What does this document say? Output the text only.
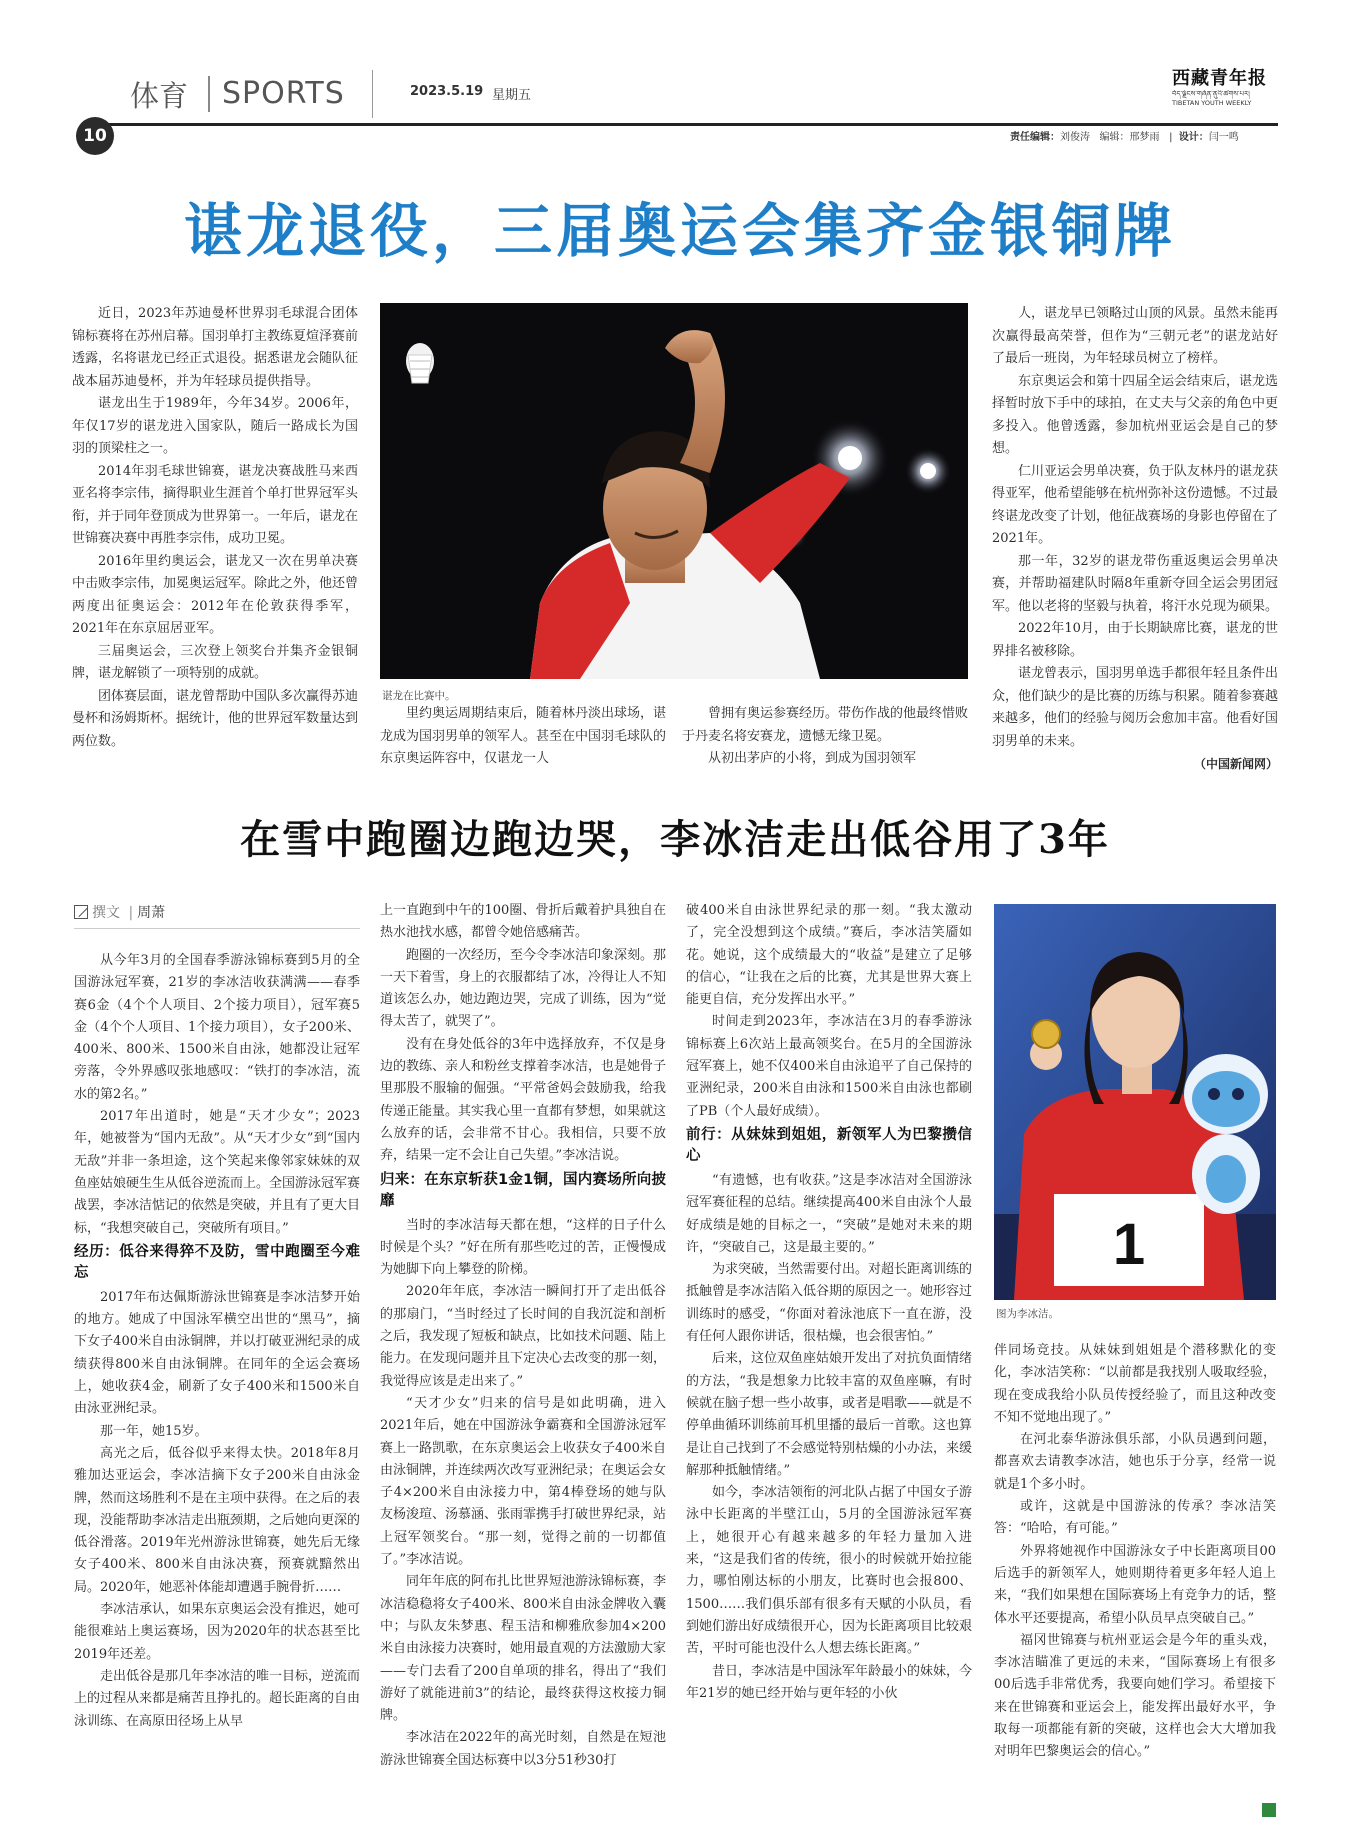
体育 SPORTS	2023.5.19 星期五
西藏青年报
བོད་ལྗོངས་གཞོན་ནུའི་ཚགས་པར།
TIBETAN YOUTH WEEKLY
10	责任编辑：刘俊涛 编辑：邢梦雨   |  设计：闫一鸣
谌龙退役，三届奥运会集齐金银铜牌

近日，2023年苏迪曼杯世界羽毛球混合团体锦标赛将在苏州启幕。国羽单打主教练夏煊泽赛前透露，名将谌龙已经正式退役。据悉谌龙会随队征战本届苏迪曼杯，并为年轻球员提供指导。

谌龙出生于1989年，今年34岁。2006年，年仅17岁的谌龙进入国家队，随后一路成长为国羽的顶梁柱之一。

2014年羽毛球世锦赛，谌龙决赛战胜马来西亚名将李宗伟，摘得职业生涯首个单打世界冠军头衔，并于同年登顶成为世界第一。一年后，谌龙在世锦赛决赛中再胜李宗伟，成功卫冕。

2016年里约奥运会，谌龙又一次在男单决赛中击败李宗伟，加冕奥运冠军。除此之外，他还曾两度出征奥运会：2012年在伦敦获得季军，2021年在东京屈居亚军。

三届奥运会，三次登上领奖台并集齐金银铜牌，谌龙解锁了一项特别的成就。

团体赛层面，谌龙曾帮助中国队多次赢得苏迪曼杯和汤姆斯杯。据统计，他的世界冠军数量达到两位数。

谌龙在比赛中。

里约奥运周期结束后，随着林丹淡出球场，谌龙成为国羽男单的领军人。甚至在中国羽毛球队的东京奥运阵容中，仅谌龙一人

曾拥有奥运参赛经历。带伤作战的他最终惜败于丹麦名将安赛龙，遗憾无缘卫冕。

从初出茅庐的小将，到成为国羽领军

人，谌龙早已领略过山顶的风景。虽然未能再次赢得最高荣誉，但作为“三朝元老”的谌龙站好了最后一班岗，为年轻球员树立了榜样。

东京奥运会和第十四届全运会结束后，谌龙选择暂时放下手中的球拍，在丈夫与父亲的角色中更多投入。他曾透露，参加杭州亚运会是自己的梦想。

仁川亚运会男单决赛，负于队友林丹的谌龙获得亚军，他希望能够在杭州弥补这份遗憾。不过最终谌龙改变了计划，他征战赛场的身影也停留在了2021年。

那一年，32岁的谌龙带伤重返奥运会男单决赛，并帮助福建队时隔8年重新夺回全运会男团冠军。他以老将的坚毅与执着，将汗水兑现为硕果。

2022年10月，由于长期缺席比赛，谌龙的世界排名被移除。

谌龙曾表示，国羽男单选手都很年轻且条件出众，他们缺少的是比赛的历练与积累。随着参赛越来越多，他们的经验与阅历会愈加丰富。他看好国羽男单的未来。

（中国新闻网）
在雪中跑圈边跑边哭，李冰洁走出低谷用了3年
撰文 | 周萧

从今年3月的全国春季游泳锦标赛到5月的全国游泳冠军赛，21岁的李冰洁收获满满——春季赛6金（4个个人项目、2个接力项目），冠军赛5金（4个个人项目、1个接力项目），女子200米、400米、800米、1500米自由泳，她都没让冠军旁落，令外界感叹张地感叹：“铁打的李冰洁，流水的第2名。”

2017年出道时，她是“天才少女”；2023年，她被誉为“国内无敌”。从“天才少女”到“国内无敌”并非一条坦途，这个笑起来像邻家妹妹的双鱼座姑娘硬生生从低谷逆流而上。全国游泳冠军赛战罢，李冰洁惦记的依然是突破，并且有了更大目标，“我想突破自己，突破所有项目。”

经历：低谷来得猝不及防，雪中跑圈至今难忘

2017年布达佩斯游泳世锦赛是李冰洁梦开始的地方。她成了中国泳军横空出世的“黑马”，摘下女子400米自由泳铜牌，并以打破亚洲纪录的成绩获得800米自由泳铜牌。在同年的全运会赛场上，她收获4金，刷新了女子400米和1500米自由泳亚洲纪录。

那一年，她15岁。

高光之后，低谷似乎来得太快。2018年8月雅加达亚运会，李冰洁摘下女子200米自由泳金牌，然而这场胜利不是在主项中获得。在之后的表现，没能帮助李冰洁走出瓶颈期，之后她向更深的低谷滑落。2019年光州游泳世锦赛，她先后无缘女子400米、800米自由泳决赛，预赛就黯然出局。2020年，她恶补体能却遭遇手腕骨折……

李冰洁承认，如果东京奥运会没有推迟，她可能很难站上奥运赛场，因为2020年的状态甚至比2019年还差。

走出低谷是那几年李冰洁的唯一目标，逆流而上的过程从来都是痛苦且挣扎的。超长距离的自由泳训练、在高原田径场上从早

上一直跑到中午的100圈、骨折后戴着护具独自在热水池找水感，都曾令她倍感痛苦。

跑圈的一次经历，至今令李冰洁印象深刻。那一天下着雪，身上的衣服都结了冰，冷得让人不知道该怎么办，她边跑边哭，完成了训练，因为“觉得太苦了，就哭了”。

没有在身处低谷的3年中选择放弃，不仅是身边的教练、亲人和粉丝支撑着李冰洁，也是她骨子里那股不服输的倔强。“平常爸妈会鼓励我，给我传递正能量。其实我心里一直都有梦想，如果就这么放弃的话，会非常不甘心。我相信，只要不放弃，结果一定不会让自己失望。”李冰洁说。

归来：在东京斩获1金1铜，国内赛场所向披靡

当时的李冰洁每天都在想，“这样的日子什么时候是个头？”好在所有那些吃过的苦，正慢慢成为她脚下向上攀登的阶梯。

2020年年底，李冰洁一瞬间打开了走出低谷的那扇门，“当时经过了长时间的自我沉淀和剖析之后，我发现了短板和缺点，比如技术问题、陆上能力。在发现问题并且下定决心去改变的那一刻，我觉得应该是走出来了。”

“天才少女”归来的信号是如此明确，进入2021年后，她在中国游泳争霸赛和全国游泳冠军赛上一路凯歌，在东京奥运会上收获女子400米自由泳铜牌，并连续两次改写亚洲纪录；在奥运会女子4×200米自由泳接力中，第4棒登场的她与队友杨浚瑄、汤慕涵、张雨霏携手打破世界纪录，站上冠军领奖台。“那一刻，觉得之前的一切都值了。”李冰洁说。

同年年底的阿布扎比世界短池游泳锦标赛，李冰洁稳稳将女子400米、800米自由泳金牌收入囊中；与队友朱梦惠、程玉洁和柳雅欣参加4×200米自由泳接力决赛时，她用最直观的方法激励大家——专门去看了200自单项的排名，得出了“我们游好了就能进前3”的结论，最终获得这枚接力铜牌。

李冰洁在2022年的高光时刻，自然是在短池游泳世锦赛全国达标赛中以3分51秒30打

破400米自由泳世界纪录的那一刻。“我太激动了，完全没想到这个成绩。”赛后，李冰洁笑靥如花。她说，这个成绩最大的“收益”是建立了足够的信心，“让我在之后的比赛，尤其是世界大赛上能更自信，充分发挥出水平。”

时间走到2023年，李冰洁在3月的春季游泳锦标赛上6次站上最高领奖台。在5月的全国游泳冠军赛上，她不仅400米自由泳追平了自己保持的亚洲纪录，200米自由泳和1500米自由泳也都刷了PB（个人最好成绩）。

前行：从妹妹到姐姐，新领军人为巴黎攒信心

“有遗憾，也有收获。”这是李冰洁对全国游泳冠军赛征程的总结。继续提高400米自由泳个人最好成绩是她的目标之一，“突破”是她对未来的期许，“突破自己，这是最主要的。”

为求突破，当然需要付出。对超长距离训练的抵触曾是李冰洁陷入低谷期的原因之一。她形容过训练时的感受，“你面对着泳池底下一直在游，没有任何人跟你讲话，很枯燥，也会很害怕。”

后来，这位双鱼座姑娘开发出了对抗负面情绪的方法，“我是想象力比较丰富的双鱼座嘛，有时候就在脑子想一些小故事，或者是唱歌——就是不停单曲循环训练前耳机里播的最后一首歌。这也算是让自己找到了不会感觉特别枯燥的小办法，来缓解那种抵触情绪。”

如今，李冰洁领衔的河北队占据了中国女子游泳中长距离的半壁江山，5月的全国游泳冠军赛上，她很开心有越来越多的年轻力量加入进来，“这是我们省的传统，很小的时候就开始拉能力，哪怕刚达标的小朋友，比赛时也会报800、1500……我们俱乐部有很多有天赋的小队员，看到她们游出好成绩很开心，因为长距离项目比较艰苦，平时可能也没什么人想去练长距离。”

昔日，李冰洁是中国泳军年龄最小的妹妹，今年21岁的她已经开始与更年轻的小伙

1
图为李冰洁。

伴同场竞技。从妹妹到姐姐是个潜移默化的变化，李冰洁笑称：“以前都是我找别人吸取经验，现在变成我给小队员传授经验了，而且这种改变不知不觉地出现了。”

在河北泰华游泳俱乐部，小队员遇到问题，都喜欢去请教李冰洁，她也乐于分享，经常一说就是1个多小时。

或许，这就是中国游泳的传承？李冰洁笑答：“哈哈，有可能。”

外界将她视作中国游泳女子中长距离项目00后选手的新领军人，她则期待着更多年轻人追上来，“我们如果想在国际赛场上有竞争力的话，整体水平还要提高，希望小队员早点突破自己。”

福冈世锦赛与杭州亚运会是今年的重头戏，李冰洁瞄准了更远的未来，“国际赛场上有很多00后选手非常优秀，我要向她们学习。希望接下来在世锦赛和亚运会上，能发挥出最好水平，争取每一项都能有新的突破，这样也会大大增加我对明年巴黎奥运会的信心。”
